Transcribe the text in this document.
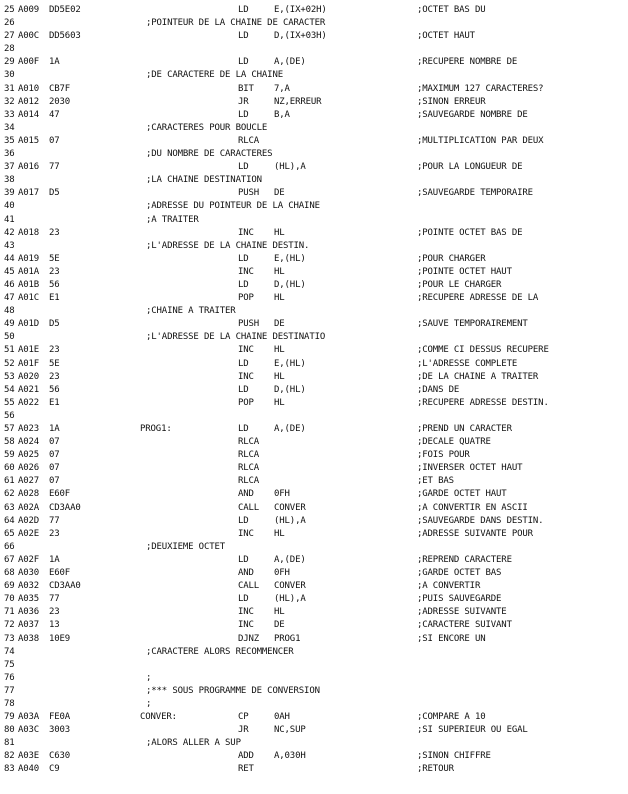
25 A009 DD5E02	LD	E,(IX+02H)	;OCTET BAS DU
26	;POINTEUR DE LA CHAINE DE CARACTER
27 A00C DD5603	LD	D,(IX+03H)	;OCTET HAUT
28
29 A00F 1A	LD	A,(DE)	;RECUPERE NOMBRE DE
30	;DE CARACTERE DE LA CHAINE
31 A010 CB7F	BIT 7,A	;MAXIMUM 127 CARACTERES?
32 A012 2030	JR	NZ,ERREUR	;SINON ERREUR
33 A014 47	LD	B,A	;SAUVEGARDE NOMBRE DE
34	;CARACTERES POUR BOUCLE
35 A015 07	RLCA	;MULTIPLICATION PAR DEUX
36	;DU NOMBRE DE CARACTERES
37 A016 77	LD	(HL),A	;POUR LA LONGUEUR DE
38	;LA CHAINE DESTINATION
39 A017 D5	PUSH DE	;SAUVEGARDE TEMPORAIRE
40	;ADRESSE DU POINTEUR DE LA CHAINE
41	;A TRAITER
42 A018 23	INC HL	;POINTE OCTET BAS DE
43	;L'ADRESSE DE LA CHAINE DESTIN.
44 A019 5E	LD	E,(HL)	;POUR CHARGER
45 A01A 23	INC HL	;POINTE OCTET HAUT
46 A01B 56	LD	D,(HL)	;POUR LE CHARGER
47 A01C E1	POP HL	;RECUPERE ADRESSE DE LA
48	;CHAINE A TRAITER
49 A01D D5	PUSH DE	;SAUVE TEMPORAIREMENT
50	;L'ADRESSE DE LA CHAINE DESTINATIO
51 A01E 23	INC HL	;COMME CI DESSUS RECUPERE
52 A01F 5E	LD	E,(HL)	;L'ADRESSE COMPLETE
53 A020 23	INC HL	;DE LA CHAINE A TRAITER
54 A021 56	LD	D,(HL)	;DANS DE
55 A022 E1	POP HL	;RECUPERE ADRESSE DESTIN.
56
57 A023 1A	PROG1:	LD	A,(DE)	;PREND UN CARACTER
58 A024 07	RLCA	;DECALE QUATRE
59 A025 07	RLCA	;FOIS POUR
60 A026 07	RLCA	;INVERSER OCTET HAUT
61 A027 07	RLCA	;ET BAS
62 A028 E60F	AND 0FH	;GARDE OCTET HAUT
63 A02A CD3AA0	CALL CONVER	;A CONVERTIR EN ASCII
64 A02D 77	LD	(HL),A	;SAUVEGARDE DANS DESTIN.
65 A02E 23	INC HL	;ADRESSE SUIVANTE POUR
66	;DEUXIEME OCTET
67 A02F 1A	LD	A,(DE)	;REPREND CARACTERE
68 A030 E60F	AND 0FH	;GARDE OCTET BAS
69 A032 CD3AA0	CALL CONVER	;A CONVERTIR
70 A035 77	LD	(HL),A	;PUIS SAUVEGARDE
71 A036 23	INC HL	;ADRESSE SUIVANTE
72 A037 13	INC DE	;CARACTERE SUIVANT
73 A038 10E9	DJNZ PROG1	;SI ENCORE UN
74	;CARACTERE ALORS RECOMMENCER
75
76	;
77	;*** SOUS PROGRAMME DE CONVERSION
78	;
79 A03A FE0A	CONVER:	CP	0AH	;COMPARE A 10
80 A03C 3003	JR	NC,SUP	;SI SUPERIEUR OU EGAL
81	;ALORS ALLER A SUP
82 A03E C630	ADD A,030H	;SINON CHIFFRE
83 A040 C9	RET	;RETOUR
